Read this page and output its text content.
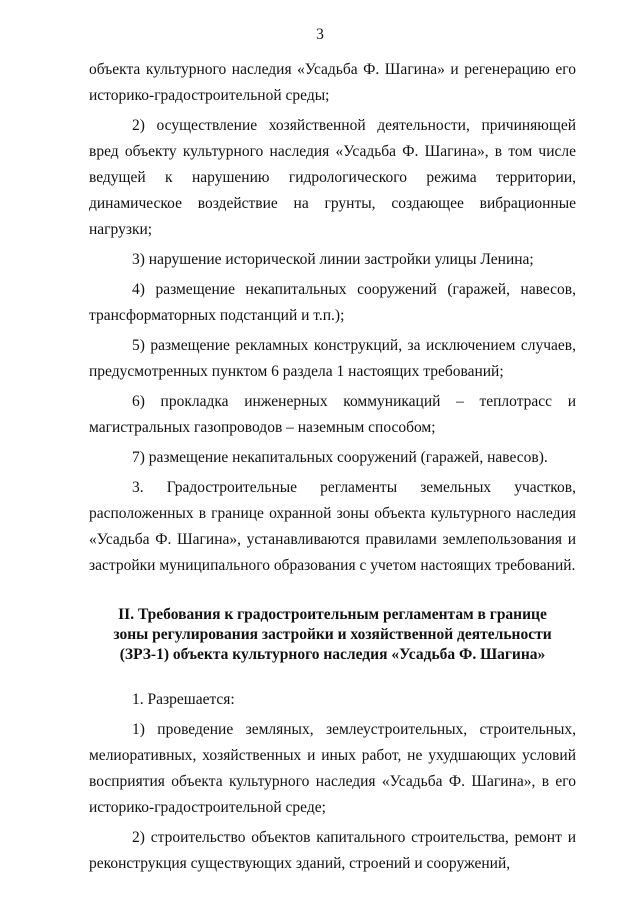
3

объекта культурного наследия «Усадьба Ф. Шагина» и регенерацию его историко-градостроительной среды;

2) осуществление хозяйственной деятельности, причиняющей вред объекту культурного наследия «Усадьба Ф. Шагина», в том числе ведущей к нарушению гидрологического режима территории, динамическое воздействие на грунты, создающее вибрационные нагрузки;

3) нарушение исторической линии застройки улицы Ленина;

4) размещение некапитальных сооружений (гаражей, навесов, трансформаторных подстанций и т.п.);

5) размещение рекламных конструкций, за исключением случаев, предусмотренных пунктом 6 раздела 1 настоящих требований;

6) прокладка инженерных коммуникаций – теплотрасс и магистральных газопроводов – наземным способом;

7) размещение некапитальных сооружений (гаражей, навесов).

3. Градостроительные регламенты земельных участков, расположенных в границе охранной зоны объекта культурного наследия «Усадьба Ф. Шагина», устанавливаются правилами землепользования и застройки муниципального образования с учетом настоящих требований.

II. Требования к градостроительным регламентам в границе
зоны регулирования застройки и хозяйственной деятельности
(ЗРЗ-1) объекта культурного наследия «Усадьба Ф. Шагина»

1. Разрешается:

1) проведение земляных, землеустроительных, строительных, мелиоративных, хозяйственных и иных работ, не ухудшающих условий восприятия объекта культурного наследия «Усадьба Ф. Шагина», в его историко-градостроительной среде;

2) строительство объектов капитального строительства, ремонт и реконструкция существующих зданий, строений и сооружений,
